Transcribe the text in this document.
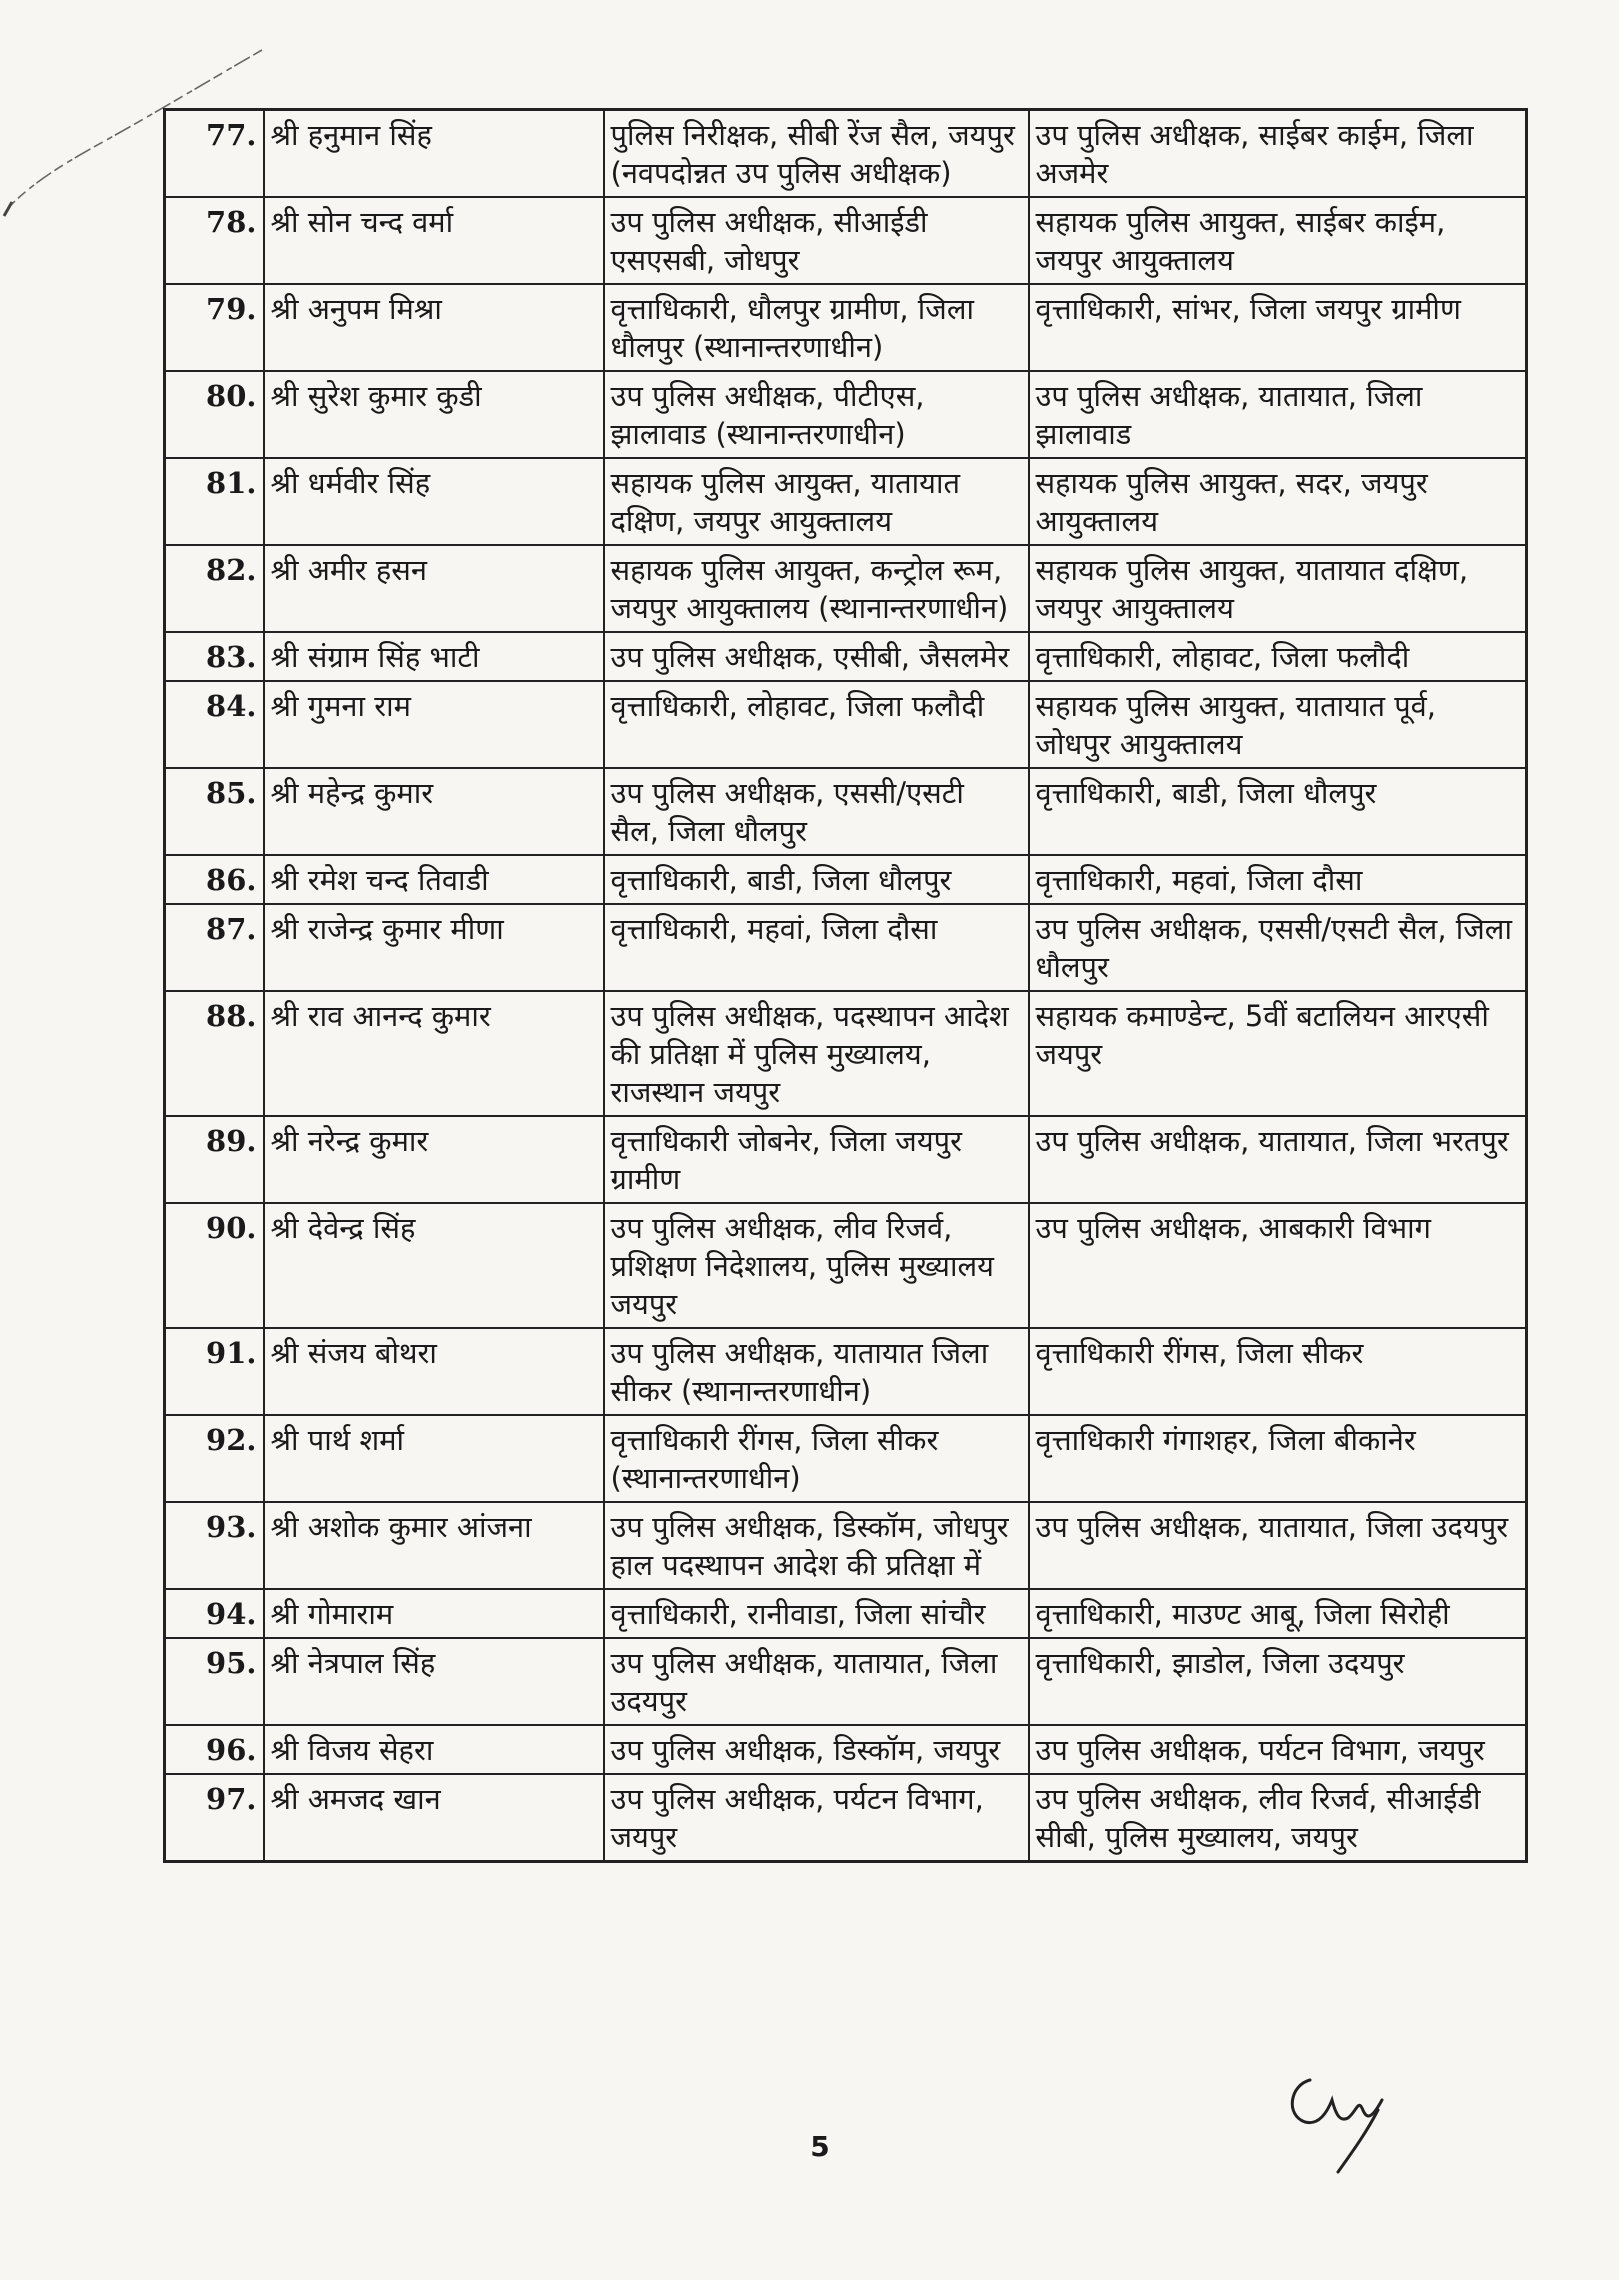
77.	श्री हनुमान सिंह	पुलिस निरीक्षक, सीबी रेंज सैल, जयपुर (नवपदोन्नत उप पुलिस अधीक्षक)	उप पुलिस अधीक्षक, साईबर काईम, जिला अजमेर
78.	श्री सोन चन्द वर्मा	उप पुलिस अधीक्षक, सीआईडी एसएसबी, जोधपुर	सहायक पुलिस आयुक्त, साईबर काईम, जयपुर आयुक्तालय
79.	श्री अनुपम मिश्रा	वृत्ताधिकारी, धौलपुर ग्रामीण, जिला धौलपुर (स्थानान्तरणाधीन)	वृत्ताधिकारी, सांभर, जिला जयपुर ग्रामीण
80.	श्री सुरेश कुमार कुडी	उप पुलिस अधीक्षक, पीटीएस, झालावाड (स्थानान्तरणाधीन)	उप पुलिस अधीक्षक, यातायात, जिला झालावाड
81.	श्री धर्मवीर सिंह	सहायक पुलिस आयुक्त, यातायात दक्षिण, जयपुर आयुक्तालय	सहायक पुलिस आयुक्त, सदर, जयपुर आयुक्तालय
82.	श्री अमीर हसन	सहायक पुलिस आयुक्त, कन्ट्रोल रूम, जयपुर आयुक्तालय (स्थानान्तरणाधीन)	सहायक पुलिस आयुक्त, यातायात दक्षिण, जयपुर आयुक्तालय
83.	श्री संग्राम सिंह भाटी	उप पुलिस अधीक्षक, एसीबी, जैसलमेर	वृत्ताधिकारी, लोहावट, जिला फलौदी
84.	श्री गुमना राम	वृत्ताधिकारी, लोहावट, जिला फलौदी	सहायक पुलिस आयुक्त, यातायात पूर्व, जोधपुर आयुक्तालय
85.	श्री महेन्द्र कुमार	उप पुलिस अधीक्षक, एससी/एसटी सैल, जिला धौलपुर	वृत्ताधिकारी, बाडी, जिला धौलपुर
86.	श्री रमेश चन्द तिवाडी	वृत्ताधिकारी, बाडी, जिला धौलपुर	वृत्ताधिकारी, महवां, जिला दौसा
87.	श्री राजेन्द्र कुमार मीणा	वृत्ताधिकारी, महवां, जिला दौसा	उप पुलिस अधीक्षक, एससी/एसटी सैल, जिला धौलपुर
88.	श्री राव आनन्द कुमार	उप पुलिस अधीक्षक, पदस्थापन आदेश की प्रतिक्षा में पुलिस मुख्यालय, राजस्थान जयपुर	सहायक कमाण्डेन्ट, 5वीं बटालियन आरएसी जयपुर
89.	श्री नरेन्द्र कुमार	वृत्ताधिकारी जोबनेर, जिला जयपुर ग्रामीण	उप पुलिस अधीक्षक, यातायात, जिला भरतपुर
90.	श्री देवेन्द्र सिंह	उप पुलिस अधीक्षक, लीव रिजर्व, प्रशिक्षण निदेशालय, पुलिस मुख्यालय जयपुर	उप पुलिस अधीक्षक, आबकारी विभाग
91.	श्री संजय बोथरा	उप पुलिस अधीक्षक, यातायात जिला सीकर (स्थानान्तरणाधीन)	वृत्ताधिकारी रींगस, जिला सीकर
92.	श्री पार्थ शर्मा	वृत्ताधिकारी रींगस, जिला सीकर (स्थानान्तरणाधीन)	वृत्ताधिकारी गंगाशहर, जिला बीकानेर
93.	श्री अशोक कुमार आंजना	उप पुलिस अधीक्षक, डिस्कॉम, जोधपुर हाल पदस्थापन आदेश की प्रतिक्षा में	उप पुलिस अधीक्षक, यातायात, जिला उदयपुर
94.	श्री गोमाराम	वृत्ताधिकारी, रानीवाडा, जिला सांचौर	वृत्ताधिकारी, माउण्ट आबू, जिला सिरोही
95.	श्री नेत्रपाल सिंह	उप पुलिस अधीक्षक, यातायात, जिला उदयपुर	वृत्ताधिकारी, झाडोल, जिला उदयपुर
96.	श्री विजय सेहरा	उप पुलिस अधीक्षक, डिस्कॉम, जयपुर	उप पुलिस अधीक्षक, पर्यटन विभाग, जयपुर
97.	श्री अमजद खान	उप पुलिस अधीक्षक, पर्यटन विभाग, जयपुर	उप पुलिस अधीक्षक, लीव रिजर्व, सीआईडी सीबी, पुलिस मुख्यालय, जयपुर
5
